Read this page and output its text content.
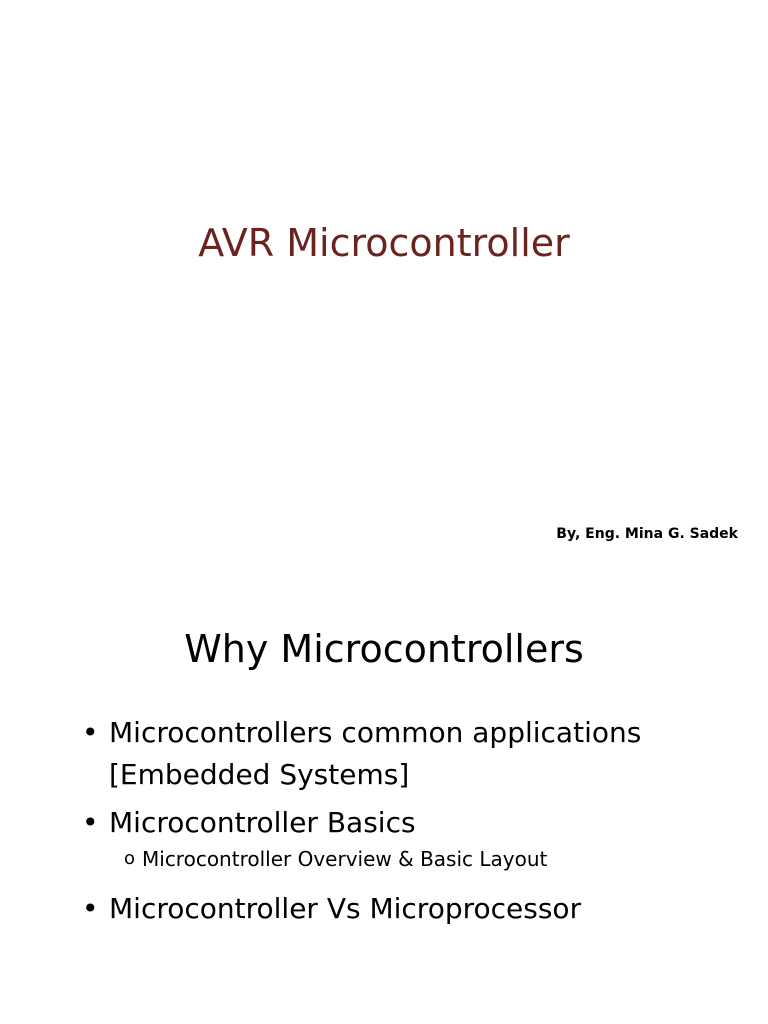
AVR Microcontroller
By, Eng. Mina G. Sadek
Why Microcontrollers
• Microcontrollers common applications [Embedded Systems]
• Microcontroller Basics
o Microcontroller Overview & Basic Layout
• Microcontroller Vs Microprocessor
